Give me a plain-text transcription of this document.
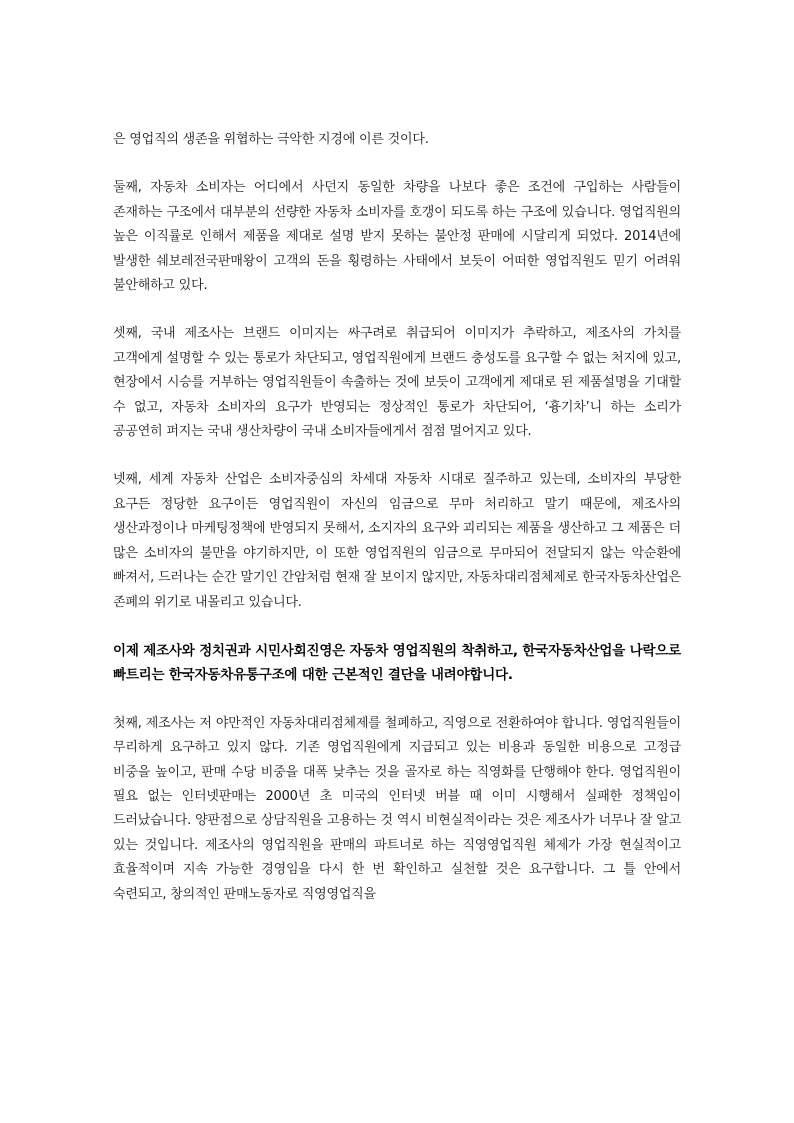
은 영업직의 생존을 위협하는 극악한 지경에 이른 것이다.

둘째, 자동차 소비자는 어디에서 사던지 동일한 차량을 나보다 좋은 조건에 구입하는 사람들이 존재하는 구조에서 대부분의 선량한 자동차 소비자를 호갱이 되도록 하는 구조에 있습니다. 영업직원의 높은 이직률로 인해서 제품을 제대로 설명 받지 못하는 불안정 판매에 시달리게 되었다. 2014년에 발생한 쉐보레전국판매왕이 고객의 돈을 횡령하는 사태에서 보듯이 어떠한 영업직원도 믿기 어려워 불안해하고 있다.

셋째, 국내 제조사는 브랜드 이미지는 싸구려로 취급되어 이미지가 추락하고, 제조사의 가치를 고객에게 설명할 수 있는 통로가 차단되고, 영업직원에게 브랜드 충성도를 요구할 수 없는 처지에 있고, 현장에서 시승를 거부하는 영업직원들이 속출하는 것에 보듯이 고객에게 제대로 된 제품설명을 기대할 수 없고, 자동차 소비자의 요구가 반영되는 정상적인 통로가 차단되어, ‘흉기차’니 하는 소리가 공공연히 퍼지는 국내 생산차량이 국내 소비자들에게서 점점 멀어지고 있다.

넷째, 세계 자동차 산업은 소비자중심의 차세대 자동차 시대로 질주하고 있는데, 소비자의 부당한 요구든 정당한 요구이든 영업직원이 자신의 임금으로 무마 처리하고 말기 때문에, 제조사의 생산과정이나 마케팅정책에 반영되지 못해서, 소지자의 요구와 괴리되는 제품을 생산하고 그 제품은 더 많은 소비자의 불만을 야기하지만, 이 또한 영업직원의 임금으로 무마되어 전달되지 않는 악순환에 빠져서, 드러나는 순간 말기인 간암처럼 현재 잘 보이지 않지만, 자동차대리점체제로 한국자동차산업은 존폐의 위기로 내몰리고 있습니다.

이제 제조사와 정치권과 시민사회진영은 자동차 영업직원의 착취하고, 한국자동차산업을 나락으로 빠트리는 한국자동차유통구조에 대한 근본적인 결단을 내려야합니다.

첫째, 제조사는 저 야만적인 자동차대리점체제를 철폐하고, 직영으로 전환하여야 합니다. 영업직원들이 무리하게 요구하고 있지 않다. 기존 영업직원에게 지급되고 있는 비용과 동일한 비용으로 고정급 비중을 높이고, 판매 수당 비중을 대폭 낮추는 것을 골자로 하는 직영화를 단행해야 한다. 영업직원이 필요 없는 인터넷판매는 2000년 초 미국의 인터넷 버블 때 이미 시행해서 실패한 정책임이 드러났습니다. 양판점으로 상담직원을 고용하는 것 역시 비현실적이라는 것은 제조사가 너무나 잘 알고 있는 것입니다. 제조사의 영업직원을 판매의 파트너로 하는 직영영업직원 체제가 가장 현실적이고 효율적이며 지속 가능한 경영임을 다시 한 번 확인하고 실천할 것은 요구합니다. 그 틀 안에서 숙련되고, 창의적인 판매노동자로 직영영업직을
